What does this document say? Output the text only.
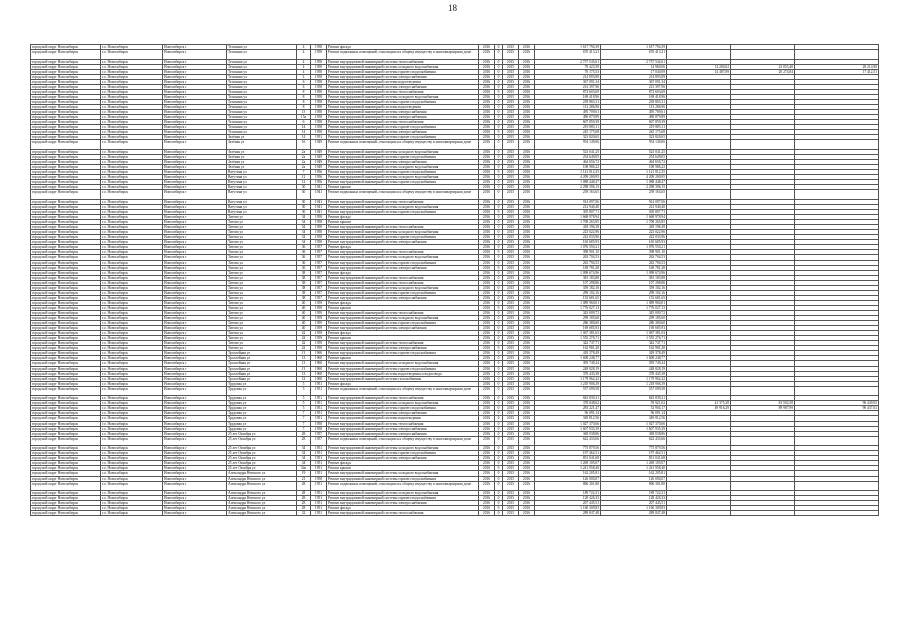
18
городской округ Новосибирск	г.о. Новосибирск	Новосибирск г	Тельмана ул	4	1958	Ремонт фасада	2016	0	2015	2016	1 617 794,39	1 617 794,39			
городской округ Новосибирск	г.о. Новосибирск	Новосибирск г	Тельмана ул	4	1958	Ремонт подвальных помещений, относящихся к общему имуществу в многоквартирном доме	2016	0	2015	2016	670 413,21	670 413,21			
городской округ Новосибирск	г.о. Новосибирск	Новосибирск г	Тельмана ул	4	1958	Ремонт внутридомовой инженерной системы теплоснабжения	2016	0	2015	2016	2 757 545,61	2 757 542,61			
городской округ Новосибирск	г.о. Новосибирск	Новосибирск г	Тельмана ул	4	1958	Ремонт внутридомовой инженерной системы холодного водоснабжения	2016	0	2015	2016	78 423,59	14 960,06	12 200,02	23 053,40	28 214,90
городской округ Новосибирск	г.о. Новосибирск	Новосибирск г	Тельмана ул	4	1958	Ремонт внутридомовой инженерной системы горячего водоснабжения	2016	0	2015	2016	70 175,53	17 040,09	14 487,89	20 274,84	17 412,51
городской округ Новосибирск	г.о. Новосибирск	Новосибирск г	Тельмана ул	4	1958	Ремонт внутридомовой инженерной системы электроснабжения	2016	0	2015	2016	214 893,89	214 893,89			
городской округ Новосибирск	г.о. Новосибирск	Новосибирск г	Тельмана ул	6	1958	Ремонт внутридомовой инженерной системы водоотведения	2016	0	2015	2016	367 091,34	367 091,34			
городской округ Новосибирск	г.о. Новосибирск	Новосибирск г	Тельмана ул	6	1958	Ремонт внутридомовой инженерной системы электроснабжения	2016	0	2015	2016	213 397,96	213 397,96			
городской округ Новосибирск	г.о. Новосибирск	Новосибирск г	Тельмана ул	8	1958	Ремонт внутридомовой инженерной системы теплоснабжения	2016	0	2015	2016	872 603,69	872 603,69			
городской округ Новосибирск	г.о. Новосибирск	Новосибирск г	Тельмана ул	8	1958	Ремонт внутридомовой инженерной системы холодного водоснабжения	2016	0	2015	2016	169 418,96	169 418,96			
городской округ Новосибирск	г.о. Новосибирск	Новосибирск г	Тельмана ул	8	1958	Ремонт внутридомовой инженерной системы горячего водоснабжения	2016	0	2015	2016	239 865,31	239 865,31			
городской округ Новосибирск	г.о. Новосибирск	Новосибирск г	Тельмана ул	8	1958	Ремонт внутридомовой инженерной системы водоотведения	2016	0	2015	2016	113 286,96	113 286,96			
городской округ Новосибирск	г.о. Новосибирск	Новосибирск г	Тельмана ул	15	1958	Ремонт внутридомовой инженерной системы электроснабжения	2016	0	2015	2016	495 709,61	495 709,61			
городской округ Новосибирск	г.о. Новосибирск	Новосибирск г	Тельмана ул	15а	1958	Ремонт внутридомовой инженерной системы электроснабжения	2016	0	2015	2016	490 879,89	490 879,89			
городской округ Новосибирск	г.о. Новосибирск	Новосибирск г	Тельмана ул	6	1958	Ремонт внутридомовой инженерной системы теплоснабжения	2016	0	2015	2016	607 859,39	607 859,39			
городской округ Новосибирск	г.о. Новосибирск	Новосибирск г	Тельмана ул	14	1958	Ремонт внутридомовой инженерной системы горячего водоснабжения	2016	0	2015	2016	219 885,11	219 885,11			
городской округ Новосибирск	г.о. Новосибирск	Новосибирск г	Тельмана ул	14	1958	Ремонт внутридомовой инженерной системы электроснабжения	2016	0	2015	2016	245 175,68	245 175,68			
городской округ Новосибирск	г.о. Новосибирск	Новосибирск г	Зелёная ул	14	1951	Ремонт внутридомовой инженерной системы горячего водоснабжения	2016	0	2015	2016	323 820,65	323 820,65			
городской округ Новосибирск	г.о. Новосибирск	Новосибирск г	Зелёная ул	16	1949	Ремонт подвальных помещений, относящихся к общему имуществу в многоквартирном доме	2016	0	2015	2016	954 149,06	954 149,06			
городской округ Новосибирск	г.о. Новосибирск	Новосибирск г	Зелёная ул	2а	1949	Ремонт внутридомовой инженерной системы холодного водоснабжения	2016	0	2015	2016	523 041,25	523 041,25			
городской округ Новосибирск	г.о. Новосибирск	Новосибирск г	Зелёная ул	2а	1949	Ремонт внутридомовой инженерной системы горячего водоснабжения	2016	0	2015	2016	254 649,05	254 649,05			
городской округ Новосибирск	г.о. Новосибирск	Новосибирск г	Зелёная ул	2а	1949	Ремонт внутридомовой инженерной системы электроснабжения	2016	0	2015	2016	464 656,72	464 656,72			
городской округ Новосибирск	г.о. Новосибирск	Новосибирск г	Зелёная ул	2а	1949	Ремонт внутридомовой инженерной системы холодного водоснабжения	2016	0	2015	2016	108 986,22	108 986,22			
городской округ Новосибирск	г.о. Новосибирск	Новосибирск г	Ватутина ул	7	1956	Ремонт внутридомовой инженерной системы горячего водоснабжения	2016	0	2015	2016	1 141 012,35	1 141 012,35			
городской округ Новосибирск	г.о. Новосибирск	Новосибирск г	Ватутина ул	12	1956	Ремонт внутридомовой инженерной системы холодного водоснабжения	2016	0	2015	2016	4 209 200,95	4 209 200,95			
городской округ Новосибирск	г.о. Новосибирск	Новосибирск г	Ватутина ул	12	1956	Ремонт внутридомовой инженерной системы горячего водоснабжения	2016	0	2015	2016	1 088 448,47	1 088 448,47			
городской округ Новосибирск	г.о. Новосибирск	Новосибирск г	Ватутина ул	30	1941	Ремонт крыши	2016	0	2015	2016	2 298 396,15	2 298 396,15			
городской округ Новосибирск	г.о. Новосибирск	Новосибирск г	Ватутина ул	30	1941	Ремонт подвальных помещений, относящихся к общему имуществу в многоквартирном доме	2016	0	2015	2016	239 163,65	239 163,65			
городской округ Новосибирск	г.о. Новосибирск	Новосибирск г	Ватутина ул	30	1941	Ремонт внутридомовой инженерной системы теплоснабжения	2016	0	2015	2016	914 097,06	914 097,06			
городской округ Новосибирск	г.о. Новосибирск	Новосибирск г	Ватутина ул	30	1941	Ремонт внутридомовой инженерной системы холодного водоснабжения	2016	0	2015	2016	212 940,40	212 940,40			
городской округ Новосибирск	г.о. Новосибирск	Новосибирск г	Ватутина ул	30	1941	Ремонт внутридомовой инженерной системы горячего водоснабжения	2016	0	2015	2016	305 807,71	305 807,71			
городской округ Новосибирск	г.о. Новосибирск	Новосибирск г	Титова ул	34	1958	Ремонт фасада	2016	0	2015	2016	1 668 978,94	1 668 978,94			
городской округ Новосибирск	г.о. Новосибирск	Новосибирск г	Титова ул	34	1958	Ремонт крыши	2016	0	2015	2016	1 708 265,85	1 708 265,85			
городской округ Новосибирск	г.о. Новосибирск	Новосибирск г	Титова ул	34	1958	Ремонт внутридомовой инженерной системы теплоснабжения	2016	0	2015	2016	418 196,38	418 196,38			
городской округ Новосибирск	г.о. Новосибирск	Новосибирск г	Титова ул	34	1958	Ремонт внутридомовой инженерной системы холодного водоснабжения	2016	0	2015	2016	223 022,96	223 022,96			
городской округ Новосибирск	г.о. Новосибирск	Новосибирск г	Титова ул	34	1958	Ремонт внутридомовой инженерной системы горячего водоснабжения	2016	0	2015	2016	222 033,96	222 033,96			
городской округ Новосибирск	г.о. Новосибирск	Новосибирск г	Титова ул	34	1958	Ремонт внутридомовой инженерной системы электроснабжения	2016	0	2015	2016	165 685,93	165 685,93			
городской округ Новосибирск	г.о. Новосибирск	Новосибирск г	Титова ул	36	1957	Ремонт фасада	2016	0	2015	2016	1 076 550,21	1 076 550,21			
городской округ Новосибирск	г.о. Новосибирск	Новосибирск г	Титова ул	36	1957	Ремонт внутридомовой инженерной системы теплоснабжения	2016	0	2015	2016	398 901,10	398 901,10			
городской округ Новосибирск	г.о. Новосибирск	Новосибирск г	Титова ул	36	1957	Ремонт внутридомовой инженерной системы холодного водоснабжения	2016	0	2015	2016	263 704,53	263 704,53			
городской округ Новосибирск	г.о. Новосибирск	Новосибирск г	Титова ул	36	1957	Ремонт внутридомовой инженерной системы горячего водоснабжения	2016	0	2015	2016	263 794,53	263 794,53			
городской округ Новосибирск	г.о. Новосибирск	Новосибирск г	Титова ул	36	1957	Ремонт внутридомовой инженерной системы электроснабжения	2016	0	2015	2016	169 781,28	169 781,28			
городской округ Новосибирск	г.о. Новосибирск	Новосибирск г	Титова ул	38	1957	Ремонт фасада	2016	0	2015	2016	1 098 674,96	1 098 674,96			
городской округ Новосибирск	г.о. Новосибирск	Новосибирск г	Титова ул	38	1957	Ремонт внутридомовой инженерной системы теплоснабжения	2016	0	2015	2016	381 183,88	381 183,88			
городской округ Новосибирск	г.о. Новосибирск	Новосибирск г	Титова ул	38	1957	Ремонт внутридомовой инженерной системы теплоснабжения	2016	0	2015	2016	107 298,86	107 298,86			
городской округ Новосибирск	г.о. Новосибирск	Новосибирск г	Титова ул	38	1957	Ремонт внутридомовой инженерной системы холодного водоснабжения	2016	0	2015	2016	359 182,16	359 182,16			
городской округ Новосибирск	г.о. Новосибирск	Новосибирск г	Титова ул	38	1957	Ремонт внутридомовой инженерной системы горячего водоснабжения	2016	0	2015	2016	299 102,16	299 102,16			
городской округ Новосибирск	г.о. Новосибирск	Новосибирск г	Титова ул	38	1957	Ремонт внутридомовой инженерной системы электроснабжения	2016	0	2015	2016	153 681,65	153 681,65			
городской округ Новосибирск	г.о. Новосибирск	Новосибирск г	Титова ул	40	1959	Ремонт фасада	2016	0	2015	2016	1 089 960,01	1 089 960,01			
городской округ Новосибирск	г.о. Новосибирск	Новосибирск г	Титова ул	40	1959	Ремонт крыши	2016	0	2015	2016	1 776 027,13	1 776 027,13			
городской округ Новосибирск	г.о. Новосибирск	Новосибирск г	Титова ул	40	1959	Ремонт внутридомовой инженерной системы теплоснабжения	2016	0	2015	2016	345 009,72	345 009,72			
городской округ Новосибирск	г.о. Новосибирск	Новосибирск г	Титова ул	40	1959	Ремонт внутридомовой инженерной системы холодного водоснабжения	2016	0	2015	2016	299 185,60	299 185,60			
городской округ Новосибирск	г.о. Новосибирск	Новосибирск г	Титова ул	40	1959	Ремонт внутридомовой инженерной системы горячего водоснабжения	2016	0	2015	2016	286 380,60	286 380,60			
городской округ Новосибирск	г.о. Новосибирск	Новосибирск г	Титова ул	40	1959	Ремонт внутридомовой инженерной системы электроснабжения	2016	0	2015	2016	169 685,93	169 685,93			
городской округ Новосибирск	г.о. Новосибирск	Новосибирск г	Титова ул	42	1959	Ремонт фасада	2016	0	2015	2016	1 067 381,63	1 067 381,63			
городской округ Новосибирск	г.о. Новосибирск	Новосибирск г	Титова ул	42	1959	Ремонт крыши	2016	0	2015	2016	1 555 276,71	1 555 276,71			
городской округ Новосибирск	г.о. Новосибирск	Новосибирск г	Титова ул	42	1959	Ремонт внутридомовой инженерной системы теплоснабжения	2016	0	2015	2016	342 747,71	342 747,71			
городской округ Новосибирск	г.о. Новосибирск	Новосибирск г	Титова ул	42	1959	Ремонт внутридомовой инженерной системы электроснабжения	2016	0	2015	2016	162 981,28	162 981,28			
городской округ Новосибирск	г.о. Новосибирск	Новосибирск г	Троллейная ул	13	1960	Ремонт внутридомовой инженерной системы горячего водоснабжения	2016	0	2015	2016	418 378,49	418 378,49			
городской округ Новосибирск	г.о. Новосибирск	Новосибирск г	Троллейная ул	13	1960	Ремонт крыши	2016	0	2015	2016	1 608 248,77	1 608 248,77			
городской округ Новосибирск	г.о. Новосибирск	Новосибирск г	Троллейная ул	13	1960	Ремонт внутридомовой инженерной системы холодного водоснабжения	2016	0	2015	2016	395 749,24	395 749,24			
городской округ Новосибирск	г.о. Новосибирск	Новосибирск г	Троллейная ул	13	1960	Ремонт внутридомовой инженерной системы горячего водоснабжения	2016	0	2015	2016	248 828,19	248 828,19			
городской округ Новосибирск	г.о. Новосибирск	Новосибирск г	Троллейная ул	13	1960	Ремонт внутридомовой инженерной системы водоотведения и водоотвода	2016	0	2015	2016	378 445,38	378 445,38			
городской округ Новосибирск	г.о. Новосибирск	Новосибирск г	Троллейная ул	13	1960	Ремонт внутридомовой инженерной системы газоснабжения	2016	0	2015	2016	1 179 962,42	1 179 962,42			
городской округ Новосибирск	г.о. Новосибирск	Новосибирск г	Трудовая ул	5	1951	Ремонт фасада	2016	0	2015	2016	1 218 906,39	1 218 906,39			
городской округ Новосибирск	г.о. Новосибирск	Новосибирск г	Трудовая ул	5	1951	Ремонт подвальных помещений, относящихся к общему имуществу в многоквартирном доме	2016	0	2015	2016	557 099,58	557 099,58			
городской округ Новосибирск	г.о. Новосибирск	Новосибирск г	Трудовая ул	5	1951	Ремонт внутридомовой инженерной системы теплоснабжения	2016	0	2015	2016	843 839,21	843 839,21			
городской округ Новосибирск	г.о. Новосибирск	Новосибирск г	Трудовая ул	5	1951	Ремонт внутридомовой инженерной системы холодного водоснабжения	2016	0	2015	2016	378 048,62	59 921,02	41 375,28	81 502,58	96 449,95
городской округ Новосибирск	г.о. Новосибирск	Новосибирск г	Трудовая ул	5	1951	Ремонт внутридомовой инженерной системы горячего водоснабжения	2016	0	2015	2016	283 221,47	52 904,17	49 916,29	89 987,99	90 437,03
городской округ Новосибирск	г.о. Новосибирск	Новосибирск г	Трудовая ул	7	1951	Ремонт внутридомовой инженерной системы электроснабжения	2016	0	2015	2016	96 091,14	96 091,14			
городской округ Новосибирск	г.о. Новосибирск	Новосибирск г	Трудовая ул	7	1951	Ремонт внутридомовой инженерной системы водоотведения	2016	0	2015	2016	349 812,56	349 812,56			
городской округ Новосибирск	г.о. Новосибирск	Новосибирск г	Трудовая ул	7	1958	Ремонт внутридомовой инженерной системы теплоснабжения	2016	0	2015	2016	1 027 370,66	1 027 370,66			
городской округ Новосибирск	г.о. Новосибирск	Новосибирск г	Трудовая ул	7	1958	Ремонт внутридомовой инженерной системы электроснабжения	2016	0	2015	2016	1 607 935,39	1 607 935,39			
городской округ Новосибирск	г.о. Новосибирск	Новосибирск г	25 лет Октября ул	28	1957	Ремонт внутридомовой инженерной системы электроснабжения	2016	0	2015	2016	369 038,86	369 038,86			
городской округ Новосибирск	г.о. Новосибирск	Новосибирск г	25 лет Октября ул	28	1957	Ремонт подвальных помещений, относящихся к общему имуществу в многоквартирном доме	2016	0	2015	2016	622 433,66	622 433,66			
городской округ Новосибирск	г.о. Новосибирск	Новосибирск г	25 лет Октября ул	34	1951	Ремонт внутридомовой инженерной системы холодного водоснабжения	2016	0	2015	2016	775 879,56	775 879,56			
городской округ Новосибирск	г.о. Новосибирск	Новосибирск г	25 лет Октября ул	34	1951	Ремонт внутридомовой инженерной системы горячего водоснабжения	2016	0	2015	2016	197 462,51	197 462,51			
городской округ Новосибирск	г.о. Новосибирск	Новосибирск г	25 лет Октября ул	34	1951	Ремонт внутридомовой инженерной системы электроснабжения	2016	0	2015	2016	851 041,68	851 041,68			
городской округ Новосибирск	г.о. Новосибирск	Новосибирск г	25 лет Октября ул	34	1951	Ремонт фасада	2016	0	2015	2016	1 269 105,07	1 269 105,07			
городской округ Новосибирск	г.о. Новосибирск	Новосибирск г	25 лет Октября ул	34а	1951	Ремонт крыши	2016	0	2015	2016	1 241 958,40	1 241 958,40			
городской округ Новосибирск	г.о. Новосибирск	Новосибирск г	Александра Невского ул	19	1951	Ремонт внутридомовой инженерной системы холодного водоснабжения	2016	0	2015	2016	162 205,81	162 205,81			
городской округ Новосибирск	г.о. Новосибирск	Новосибирск г	Александра Невского ул	21	1958	Ремонт внутридомовой инженерной системы горячего водоснабжения	2016	0	2015	2016	126 000,07	126 000,07			
городской округ Новосибирск	г.о. Новосибирск	Новосибирск г	Александра Невского ул	28	1951	Ремонт подвальных помещений, относящихся к общему имуществу в многоквартирном доме	2016	0	2015	2016	806 301,80	806 301,80			
городской округ Новосибирск	г.о. Новосибирск	Новосибирск г	Александра Невского ул	28	1951	Ремонт внутридомовой инженерной системы холодного водоснабжения	2016	0	2015	2016	189 722,31	189 722,31			
городской округ Новосибирск	г.о. Новосибирск	Новосибирск г	Александра Невского ул	28	1951	Ремонт внутридомовой инженерной системы горячего водоснабжения	2016	0	2015	2016	128 426,33	128 426,33			
городской округ Новосибирск	г.о. Новосибирск	Новосибирск г	Александра Невского ул	28	1951	Ремонт внутридомовой инженерной системы электроснабжения	2016	0	2015	2016	207 445,51	207 445,51			
городской округ Новосибирск	г.о. Новосибирск	Новосибирск г	Александра Невского ул	28	1951	Ремонт фасада	2016	0	2015	2016	1 160 309,83	1 160 309,83			
городской округ Новосибирск	г.о. Новосибирск	Новосибирск г	Александра Невского ул	32	1951	Ремонт внутридомовой инженерной системы теплоснабжения	2016	0	2015	2016	289 847,48	289 847,48			
